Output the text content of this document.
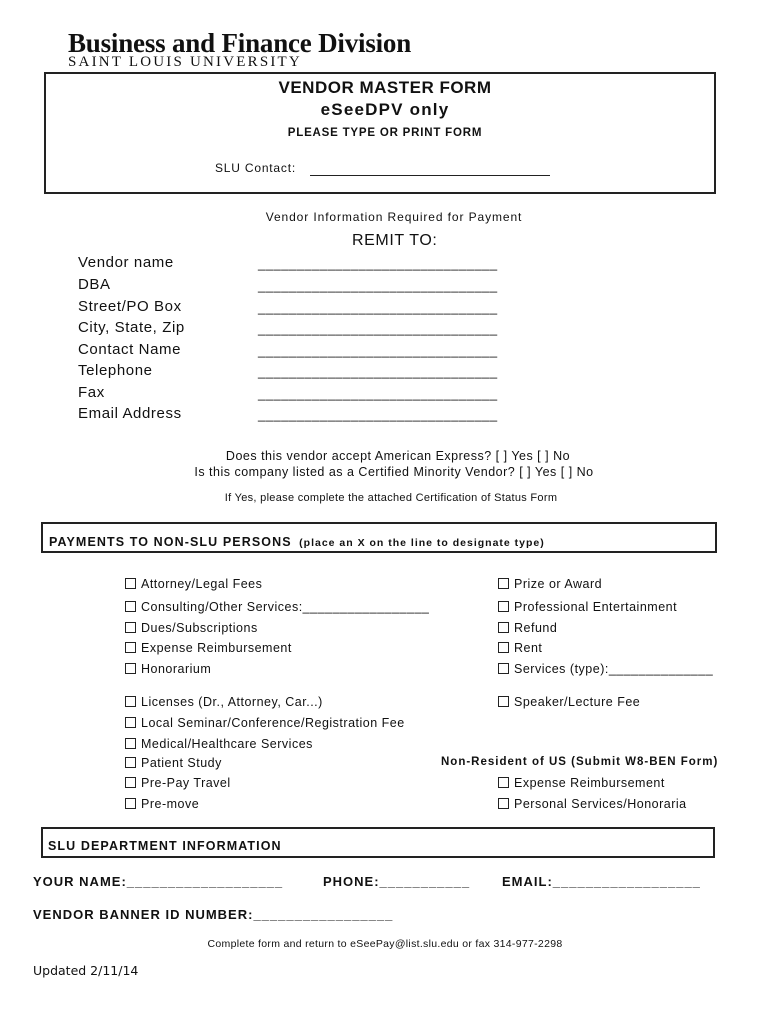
Business and Finance Division
SAINT LOUIS UNIVERSITY
VENDOR MASTER FORM
eSeeDPV only
PLEASE TYPE OR PRINT FORM
SLU Contact:
Vendor Information Required for Payment
REMIT TO:
Vendor name	_______________________________
DBA	_______________________________
Street/PO Box	_______________________________
City, State, Zip	_______________________________
Contact Name	_______________________________
Telephone	_______________________________
Fax	_______________________________
Email Address	_______________________________
Does this vendor accept American Express? [ ] Yes [ ] No
Is this company listed as a Certified Minority Vendor? [ ] Yes [ ] No
If Yes, please complete the attached Certification of Status Form
PAYMENTS TO NON-SLU PERSONS (place an X on the line to designate type)
Attorney/Legal Fees
Consulting/Other Services:_________________
Dues/Subscriptions
Expense Reimbursement
Honorarium
Licenses (Dr., Attorney, Car...)
Local Seminar/Conference/Registration Fee
Medical/Healthcare Services
Patient Study
Pre-Pay Travel
Pre-move
Prize or Award
Professional Entertainment
Refund
Rent
Services (type):______________
Speaker/Lecture Fee
Non-Resident of US (Submit W8-BEN Form)
Expense Reimbursement
Personal Services/Honoraria
SLU DEPARTMENT INFORMATION
YOUR NAME:___________________	PHONE:___________ EMAIL:__________________
VENDOR BANNER ID NUMBER:_________________
Complete form and return to eSeePay@list.slu.edu or fax 314-977-2298
Updated 2/11/14
